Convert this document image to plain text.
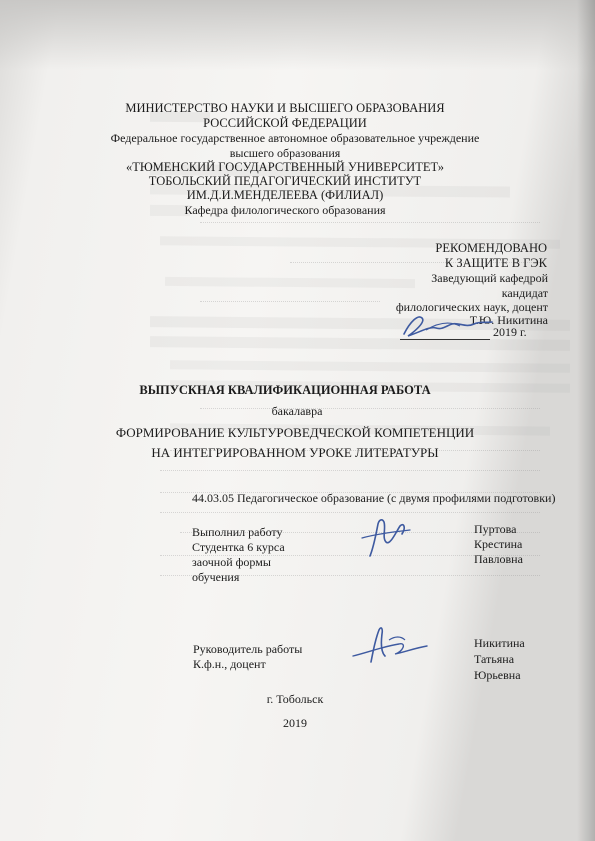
МИНИСТЕРСТВО НАУКИ И ВЫСШЕГО ОБРАЗОВАНИЯ
РОССИЙСКОЙ ФЕДЕРАЦИИ
Федеральное государственное автономное образовательное учреждение
высшего образования
«ТЮМЕНСКИЙ ГОСУДАРСТВЕННЫЙ УНИВЕРСИТЕТ»
ТОБОЛЬСКИЙ ПЕДАГОГИЧЕСКИЙ ИНСТИТУТ
ИМ.Д.И.МЕНДЕЛЕЕВА (ФИЛИАЛ)
Кафедра филологического образования
РЕКОМЕНДОВАНО
К ЗАЩИТЕ В ГЭК
Заведующий кафедрой
кандидат
филологических наук, доцент
Т.Ю. Никитина
2019 г.
ВЫПУСКНАЯ КВАЛИФИКАЦИОННАЯ РАБОТА
бакалавра
ФОРМИРОВАНИЕ КУЛЬТУРОВЕДЧЕСКОЙ КОМПЕТЕНЦИИ
НА ИНТЕГРИРОВАННОМ УРОКЕ ЛИТЕРАТУРЫ
44.03.05 Педагогическое образование (с двумя профилями подготовки)
Выполнил работу
Студентка 6 курса
заочной формы
обучения
Пуртова
Крестина
Павловна
Руководитель работы
К.ф.н., доцент
Никитина
Татьяна
Юрьевна
г. Тобольск
2019
